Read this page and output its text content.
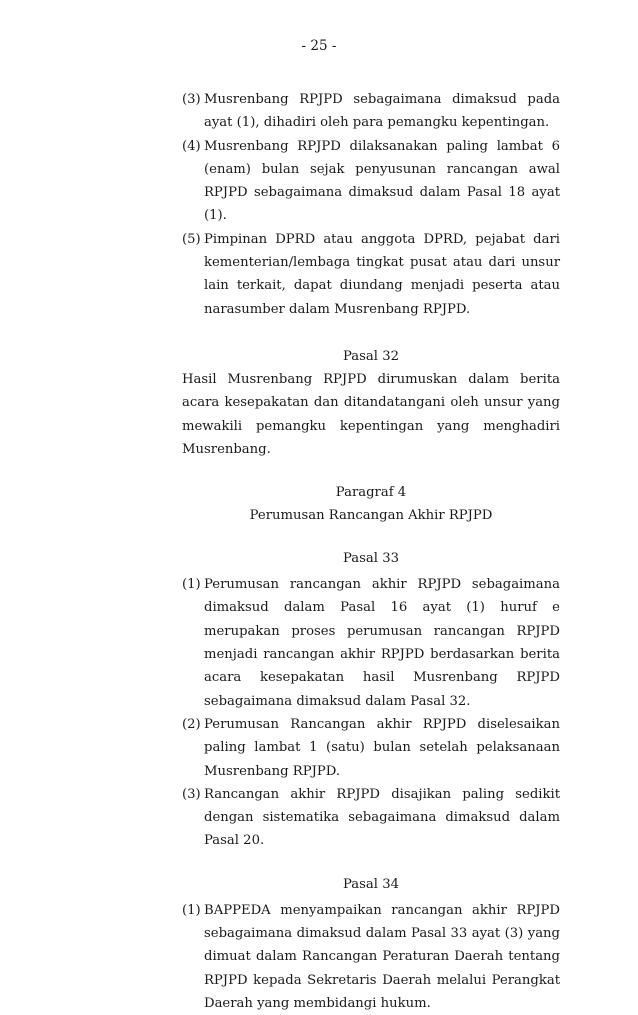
- 25 -
(3) Musrenbang RPJPD sebagaimana dimaksud pada ayat (1), dihadiri oleh para pemangku kepentingan.
(4) Musrenbang RPJPD dilaksanakan paling lambat 6 (enam) bulan sejak penyusunan rancangan awal RPJPD sebagaimana dimaksud dalam Pasal 18 ayat (1).
(5) Pimpinan DPRD atau anggota DPRD, pejabat dari kementerian/lembaga tingkat pusat atau dari unsur lain terkait, dapat diundang menjadi peserta atau narasumber dalam Musrenbang RPJPD.
Pasal 32
Hasil Musrenbang RPJPD dirumuskan dalam berita acara kesepakatan dan ditandatangani oleh unsur yang mewakili pemangku kepentingan yang menghadiri Musrenbang.
Paragraf 4
Perumusan Rancangan Akhir RPJPD
Pasal 33
(1) Perumusan rancangan akhir RPJPD sebagaimana dimaksud dalam Pasal 16 ayat (1) huruf e merupakan proses perumusan rancangan RPJPD menjadi rancangan akhir RPJPD berdasarkan berita acara kesepakatan hasil Musrenbang RPJPD sebagaimana dimaksud dalam Pasal 32.
(2) Perumusan Rancangan akhir RPJPD diselesaikan paling lambat 1 (satu) bulan setelah pelaksanaan Musrenbang RPJPD.
(3) Rancangan akhir RPJPD disajikan paling sedikit dengan sistematika sebagaimana dimaksud dalam Pasal 20.
Pasal 34
(1) BAPPEDA menyampaikan rancangan akhir RPJPD sebagaimana dimaksud dalam Pasal 33 ayat (3) yang dimuat dalam Rancangan Peraturan Daerah tentang RPJPD kepada Sekretaris Daerah melalui Perangkat Daerah yang membidangi hukum.
